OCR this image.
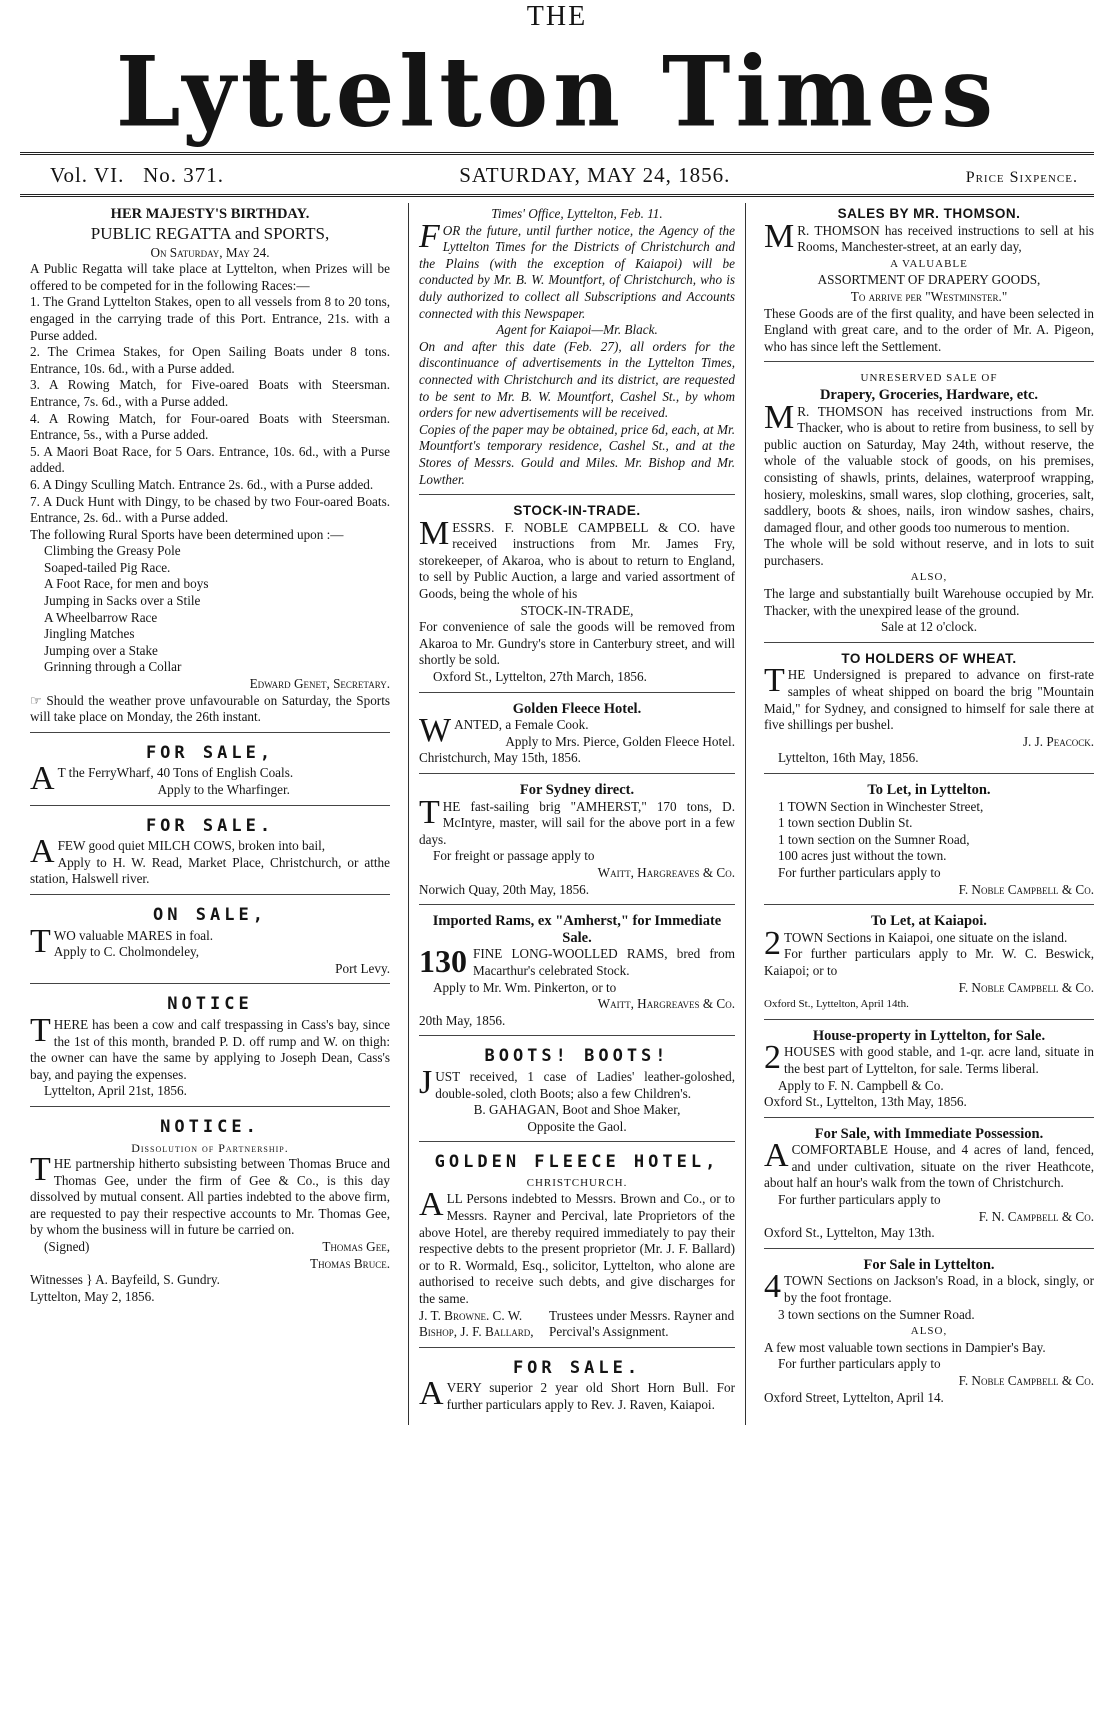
THE
Lyttelton Times
Vol. VI. No. 371.	SATURDAY, MAY 24, 1856.	Price Sixpence.
HER MAJESTY'S BIRTHDAY.
PUBLIC REGATTA and SPORTS,
On Saturday, May 24.

A Public Regatta will take place at Lyttelton, when Prizes will be offered to be competed for in the following Races:—

1. The Grand Lyttelton Stakes, open to all vessels from 8 to 20 tons, engaged in the carrying trade of this Port. Entrance, 21s. with a Purse added.

2. The Crimea Stakes, for Open Sailing Boats under 8 tons. Entrance, 10s. 6d., with a Purse added.

3. A Rowing Match, for Five-oared Boats with Steersman. Entrance, 7s. 6d., with a Purse added.

4. A Rowing Match, for Four-oared Boats with Steersman. Entrance, 5s., with a Purse added.

5. A Maori Boat Race, for 5 Oars. Entrance, 10s. 6d., with a Purse added.

6. A Dingy Sculling Match. Entrance 2s. 6d., with a Purse added.

7. A Duck Hunt with Dingy, to be chased by two Four-oared Boats. Entrance, 2s. 6d.. with a Purse added.

The following Rural Sports have been determined upon :—

Climbing the Greasy Pole
Soaped-tailed Pig Race.
A Foot Race, for men and boys
Jumping in Sacks over a Stile
A Wheelbarrow Race
Jingling Matches
Jumping over a Stake
Grinning through a Collar
Edward Genet, Secretary.

☞ Should the weather prove unfavourable on Saturday, the Sports will take place on Monday, the 26th instant.

FOR SALE,

AT the FerryWharf, 40 Tons of English Coals.

Apply to the Wharfinger.
FOR SALE.

AFEW good quiet MILCH COWS, broken into bail,

Apply to H. W. Read, Market Place, Christchurch, or atthe station, Halswell river.

ON SALE,

TWO valuable MARES in foal.

Apply to C. Cholmondeley,
Port Levy.
NOTICE

THERE has been a cow and calf trespassing in Cass's bay, since the 1st of this month, branded P. D. off rump and W. on thigh: the owner can have the same by applying to Joseph Dean, Cass's bay, and paying the expenses.

Lyttelton, April 21st, 1856.
NOTICE.
Dissolution of Partnership.

THE partnership hitherto subsisting between Thomas Bruce and Thomas Gee, under the firm of Gee & Co., is this day dissolved by mutual consent. All parties indebted to the above firm, are requested to pay their respective accounts to Mr. Thomas Gee, by whom the business will in future be carried on.

(Signed)	Thomas Gee,
Thomas Bruce.
Witnesses } A. Bayfeild, S. Gundry.
Lyttelton, May 2, 1856.
Times' Office, Lyttelton, Feb. 11.

FOR the future, until further notice, the Agency of the Lyttelton Times for the Districts of Christchurch and the Plains (with the exception of Kaiapoi) will be conducted by Mr. B. W. Mountfort, of Christchurch, who is duly authorized to collect all Subscriptions and Accounts connected with this Newspaper.

Agent for Kaiapoi—Mr. Black.

On and after this date (Feb. 27), all orders for the discontinuance of advertisements in the Lyttelton Times, connected with Christchurch and its district, are requested to be sent to Mr. B. W. Mountfort, Cashel St., by whom orders for new advertisements will be received.

Copies of the paper may be obtained, price 6d, each, at Mr. Mountfort's temporary residence, Cashel St., and at the Stores of Messrs. Gould and Miles. Mr. Bishop and Mr. Lowther.

STOCK-IN-TRADE.

MESSRS. F. NOBLE CAMPBELL & CO. have received instructions from Mr. James Fry, storekeeper, of Akaroa, who is about to return to England, to sell by Public Auction, a large and varied assortment of Goods, being the whole of his

STOCK-IN-TRADE,

For convenience of sale the goods will be removed from Akaroa to Mr. Gundry's store in Canterbury street, and will shortly be sold.

Oxford St., Lyttelton, 27th March, 1856.
Golden Fleece Hotel.

WANTED, a Female Cook.

Apply to Mrs. Pierce, Golden Fleece Hotel.
Christchurch, May 15th, 1856.
For Sydney direct.

THE fast-sailing brig "AMHERST," 170 tons, D. McIntyre, master, will sail for the above port in a few days.

For freight or passage apply to
Waitt, Hargreaves & Co.
Norwich Quay, 20th May, 1856.
Imported Rams, ex "Amherst," for Immediate Sale.
130 FINE LONG-WOOLLED RAMS, bred from Macarthur's celebrated Stock.

Apply to Mr. Wm. Pinkerton, or to
Waitt, Hargreaves & Co.
20th May, 1856.
BOOTS! BOOTS!

JUST received, 1 case of Ladies' leather-goloshed, double-soled, cloth Boots; also a few Children's.

B. GAHAGAN, Boot and Shoe Maker,
Opposite the Gaol.
GOLDEN FLEECE HOTEL,
CHRISTCHURCH.

ALL Persons indebted to Messrs. Brown and Co., or to Messrs. Rayner and Percival, late Proprietors of the above Hotel, are thereby required immediately to pay their respective debts to the present proprietor (Mr. J. F. Ballard) or to R. Wormald, Esq., solicitor, Lyttelton, who alone are authorised to receive such debts, and give discharges for the same.

J. T. Browne. C. W. Bishop, J. F. Ballard,
Trustees under Messrs. Rayner and Percival's Assignment.
FOR SALE.

AVERY superior 2 year old Short Horn Bull. For further particulars apply to Rev. J. Raven, Kaiapoi.

SALES BY MR. THOMSON.

MR. THOMSON has received instructions to sell at his Rooms, Manchester-street, at an early day,

A VALUABLE
ASSORTMENT OF DRAPERY GOODS,
To arrive per "Westminster."

These Goods are of the first quality, and have been selected in England with great care, and to the order of Mr. A. Pigeon, who has since left the Settlement.

UNRESERVED SALE OF
Drapery, Groceries, Hardware, etc.

MR. THOMSON has received instructions from Mr. Thacker, who is about to retire from business, to sell by public auction on Saturday, May 24th, without reserve, the whole of the valuable stock of goods, on his premises, consisting of shawls, prints, delaines, waterproof wrapping, hosiery, moleskins, small wares, slop clothing, groceries, salt, saddlery, boots & shoes, nails, iron window sashes, chairs, damaged flour, and other goods too numerous to mention.

The whole will be sold without reserve, and in lots to suit purchasers.

ALSO,

The large and substantially built Warehouse occupied by Mr. Thacker, with the unexpired lease of the ground.

Sale at 12 o'clock.
TO HOLDERS OF WHEAT.

THE Undersigned is prepared to advance on first-rate samples of wheat shipped on board the brig "Mountain Maid," for Sydney, and consigned to himself for sale there at five shillings per bushel.

J. J. Peacock.
Lyttelton, 16th May, 1856.
To Let, in Lyttelton.
1 TOWN Section in Winchester Street,
1 town section Dublin St.
1 town section on the Sumner Road,
100 acres just without the town.
For further particulars apply to
F. Noble Campbell & Co.
To Let, at Kaiapoi.

2TOWN Sections in Kaiapoi, one situate on the island.

For further particulars apply to Mr. W. C. Beswick, Kaiapoi; or to

F. Noble Campbell & Co.
Oxford St., Lyttelton, April 14th.
House-property in Lyttelton, for Sale.

2HOUSES with good stable, and 1-qr. acre land, situate in the best part of Lyttelton, for sale. Terms liberal.

Apply to F. N. Campbell & Co.
Oxford St., Lyttelton, 13th May, 1856.
For Sale, with Immediate Possession.

ACOMFORTABLE House, and 4 acres of land, fenced, and under cultivation, situate on the river Heathcote, about half an hour's walk from the town of Christchurch.

For further particulars apply to
F. N. Campbell & Co.
Oxford St., Lyttelton, May 13th.
For Sale in Lyttelton.

4TOWN Sections on Jackson's Road, in a block, singly, or by the foot frontage.

3 town sections on the Sumner Road.
ALSO,

A few most valuable town sections in Dampier's Bay.

For further particulars apply to
F. Noble Campbell & Co.
Oxford Street, Lyttelton, April 14.
